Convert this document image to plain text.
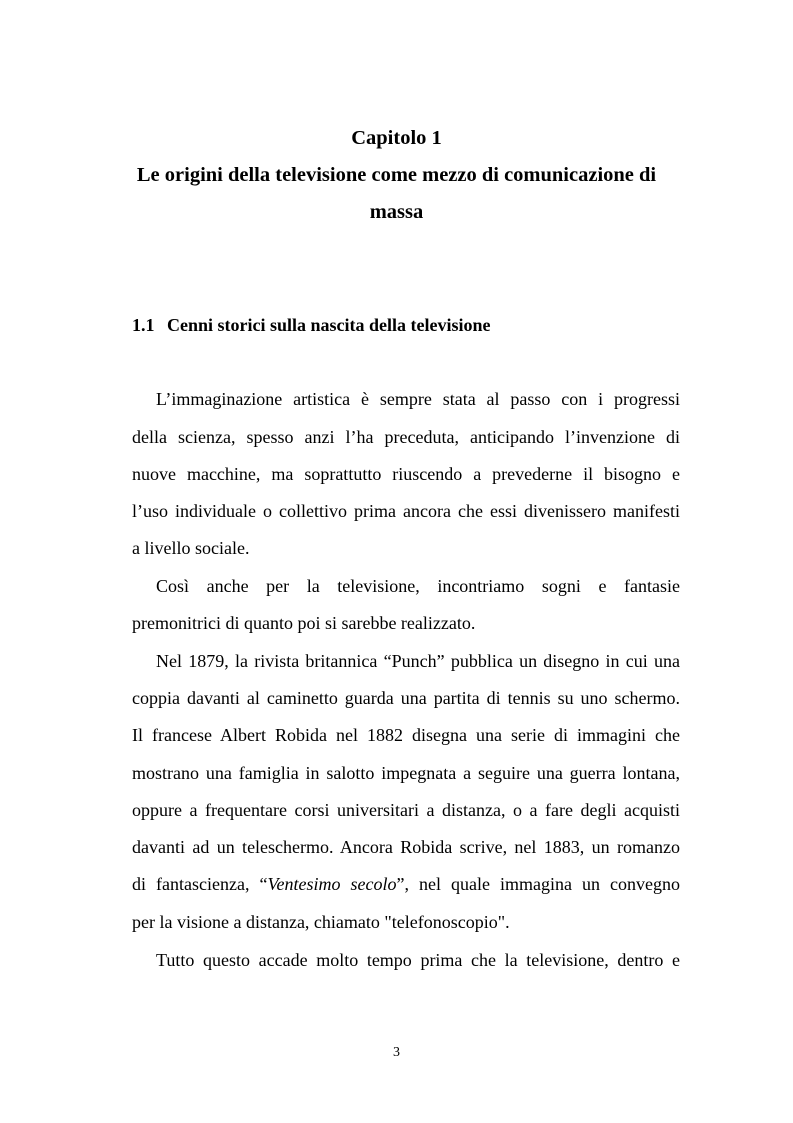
Capitolo 1
Le origini della televisione come mezzo di comunicazione di
massa
1.1 Cenni storici sulla nascita della televisione
L’immaginazione artistica è sempre stata al passo con i progressi
della scienza, spesso anzi l’ha preceduta, anticipando l’invenzione di
nuove macchine, ma soprattutto riuscendo a prevederne il bisogno e
l’uso individuale o collettivo prima ancora che essi divenissero manifesti
a livello sociale.
Così anche per la televisione, incontriamo sogni e fantasie
premonitrici di quanto poi si sarebbe realizzato.
Nel 1879, la rivista britannica “Punch” pubblica un disegno in cui una
coppia davanti al caminetto guarda una partita di tennis su uno schermo.
Il francese Albert Robida nel 1882 disegna una serie di immagini che
mostrano una famiglia in salotto impegnata a seguire una guerra lontana,
oppure a frequentare corsi universitari a distanza, o a fare degli acquisti
davanti ad un teleschermo. Ancora Robida scrive, nel 1883, un romanzo
di fantascienza, “Ventesimo secolo”, nel quale immagina un convegno
per la visione a distanza, chiamato "telefonoscopio".
Tutto questo accade molto tempo prima che la televisione, dentro e
3
